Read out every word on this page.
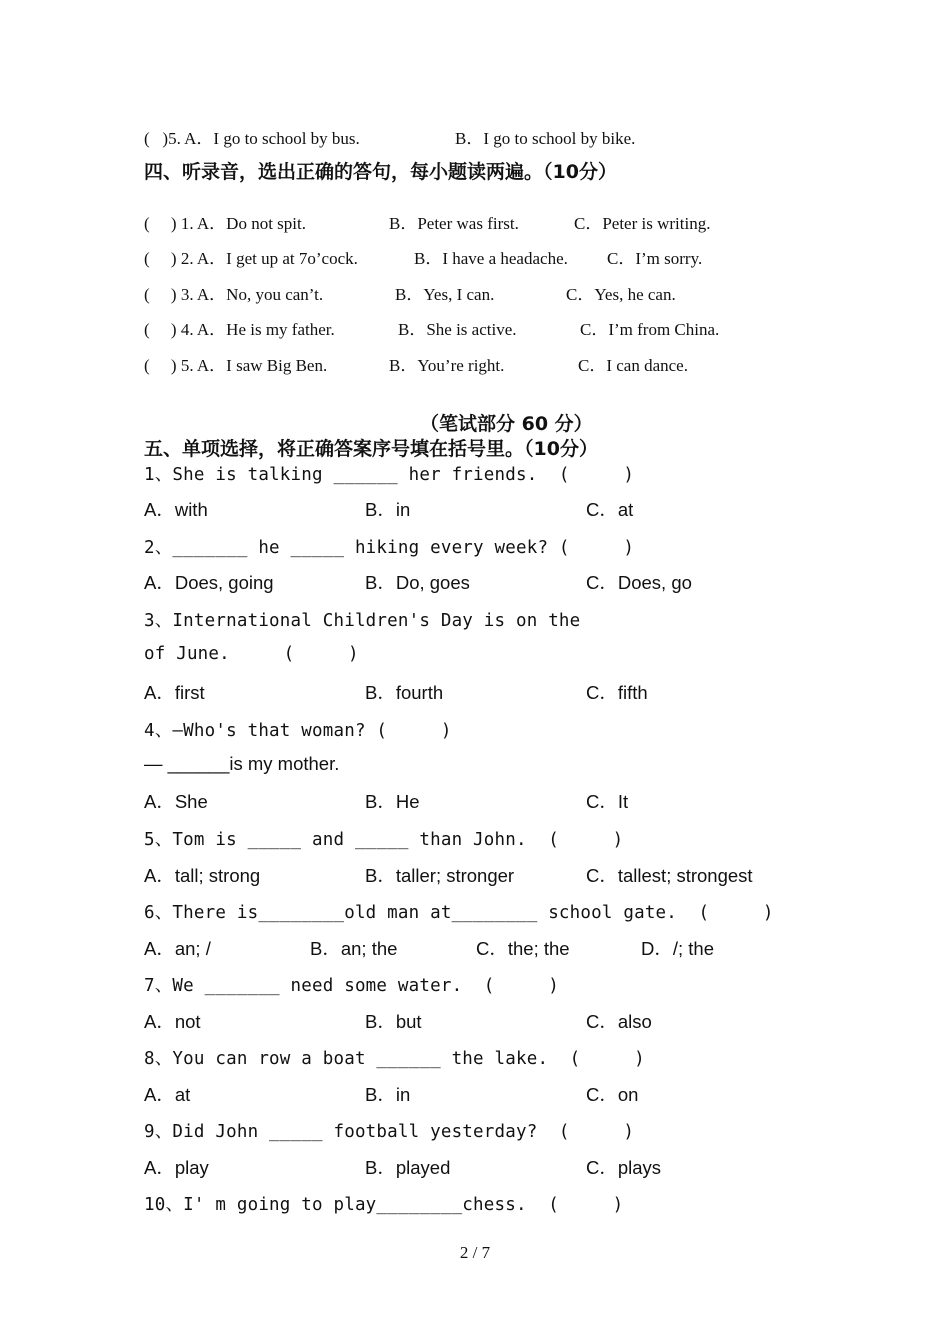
(   )5. A．I go to school by bus.	B．I go to school by bike.
四、听录音，选出正确的答句，每小题读两遍。（10分）
(     ) 1. A．Do not spit.	B．Peter was first.	C．Peter is writing.
(     ) 2. A．I get up at 7o’cock.	B．I have a headache. C．I’m sorry.
(     ) 3. A．No, you can’t.	B．Yes, I can.	C．Yes, he can.
(     ) 4. A．He is my father.	B．She is active.	C．I’m from China.
(     ) 5. A．I saw Big Ben.	B．You’re right.	C．I can dance.
（笔试部分 60 分）
五、单项选择，将正确答案序号填在括号里。（10分）
1、She is talking ______ her friends.  (     )
A．with	B．in	C．at
2、_______ he _____ hiking every week? (     )
A．Does, going	B．Do, goes	C．Does, go
3、International Children's Day is on the
of June.     (     )
A．first	B．fourth	C．fifth
4、—Who's that woman? (     )
— ______is my mother.
A．She	B．He	C．It
5、Tom is _____ and _____ than John.  (     )
A．tall; strong	B．taller; stronger	C．tallest; strongest
6、There is________old man at________ school gate.  (     )
A．an; /	B．an; the	C．the; the	D．/; the
7、We _______ need some water.  (     )
A．not	B．but	C．also
8、You can row a boat ______ the lake.  (     )
A．at	B．in	C．on
9、Did John _____ football yesterday?  (     )
A．play	B．played	C．plays
10、I' m going to play________chess.  (     )
2 / 7
